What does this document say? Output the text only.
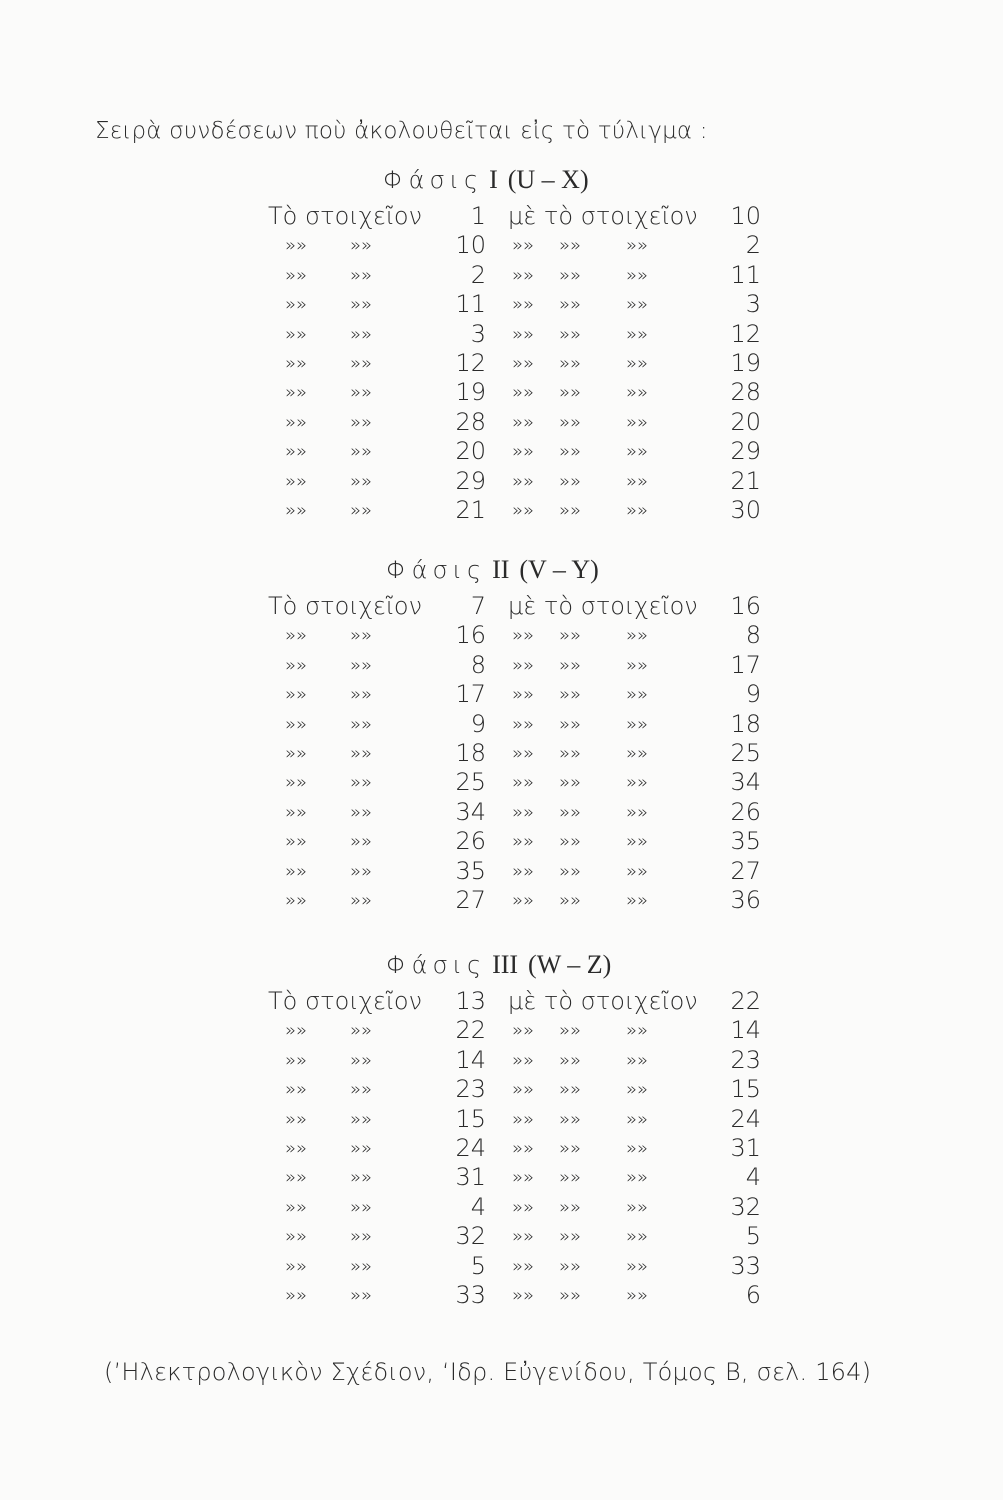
Σειρὰ συνδέσεων ποὺ ἀκολουθεῖται εἰς τὸ τύλιγμα :
Φάσις I (U – X)
Τὸ στοιχεῖον 1 μὲ τὸ στοιχεῖον 10
»» »»	10 »» »» »»	2
»» »»	2 »» »» »»	11
»» »»	11 »» »» »»	3
»» »»	3 »» »» »»	12
»» »»	12 »» »» »»	19
»» »»	19 »» »» »»	28
»» »»	28 »» »» »»	20
»» »»	20 »» »» »»	29
»» »»	29 »» »» »»	21
»» »»	21 »» »» »»	30
Φάσις II (V – Y)
Τὸ στοιχεῖον 7 μὲ τὸ στοιχεῖον 16
»» »»	16 »» »» »»	8
»» »»	8 »» »» »»	17
»» »»	17 »» »» »»	9
»» »»	9 »» »» »»	18
»» »»	18 »» »» »»	25
»» »»	25 »» »» »»	34
»» »»	34 »» »» »»	26
»» »»	26 »» »» »»	35
»» »»	35 »» »» »»	27
»» »»	27 »» »» »»	36
Φάσις III (W – Z)
Τὸ στοιχεῖον 13 μὲ τὸ στοιχεῖον 22
»» »»	22 »» »» »»	14
»» »»	14 »» »» »»	23
»» »»	23 »» »» »»	15
»» »»	15 »» »» »»	24
»» »»	24 »» »» »»	31
»» »»	31 »» »» »»	4
»» »»	4 »» »» »»	32
»» »»	32 »» »» »»	5
»» »»	5 »» »» »»	33
»» »»	33 »» »» »»	6
(’Ηλεκτρολογικὸν Σχέδιον, ‘Ιδρ. Εὐγενίδου, Τόμος Β, σελ. 164)
